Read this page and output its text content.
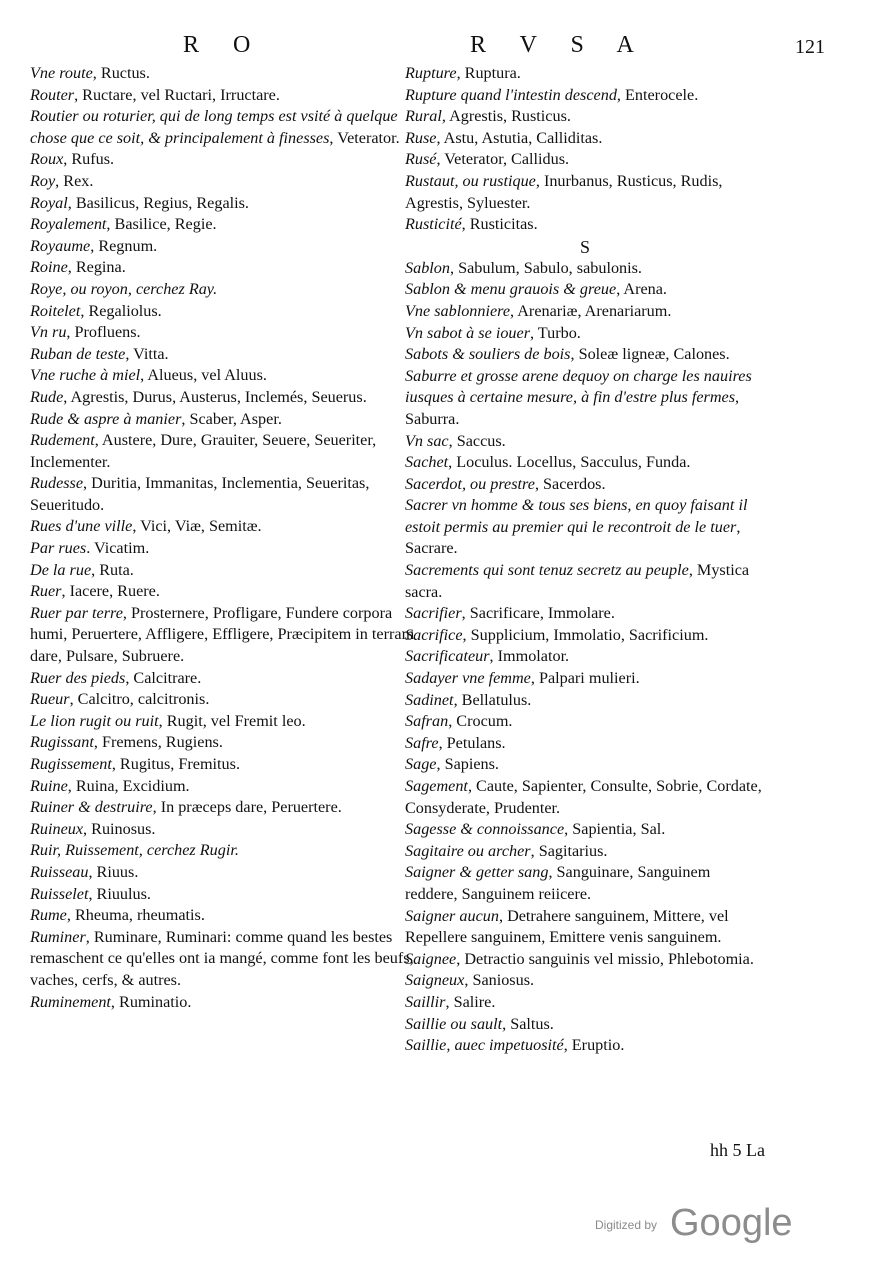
R O	R V S A	121

Vne route, Ructus.

Router, Ructare, vel Ructari, Irructare.

Routier ou roturier, qui de long temps est vsité à quelque chose que ce soit, & principalement à finesses, Veterator.

Roux, Rufus.

Roy, Rex.

Royal, Basilicus, Regius, Regalis.

Royalement, Basilice, Regie.

Royaume, Regnum.

Roine, Regina.

Roye, ou royon, cerchez Ray.

Roitelet, Regaliolus.

Vn ru, Profluens.

Ruban de teste, Vitta.

Vne ruche à miel, Alueus, vel Aluus.

Rude, Agrestis, Durus, Austerus, Inclemés, Seuerus.

Rude & aspre à manier, Scaber, Asper.

Rudement, Austere, Dure, Grauiter, Seuere, Seueriter, Inclementer.

Rudesse, Duritia, Immanitas, Inclementia, Seueritas, Seueritudo.

Rues d'une ville, Vici, Viæ, Semitæ.

Par rues. Vicatim.

De la rue, Ruta.

Ruer, Iacere, Ruere.

Ruer par terre, Prosternere, Profligare, Fundere corpora humi, Peruertere, Affligere, Effligere, Præcipitem in terram dare, Pulsare, Subruere.

Ruer des pieds, Calcitrare.

Rueur, Calcitro, calcitronis.

Le lion rugit ou ruit, Rugit, vel Fremit leo.

Rugissant, Fremens, Rugiens.

Rugissement, Rugitus, Fremitus.

Ruine, Ruina, Excidium.

Ruiner & destruire, In præceps dare, Peruertere.

Ruineux, Ruinosus.

Ruir, Ruissement, cerchez Rugir.

Ruisseau, Riuus.

Ruisselet, Riuulus.

Rume, Rheuma, rheumatis.

Ruminer, Ruminare, Ruminari: comme quand les bestes remaschent ce qu'elles ont ia mangé, comme font les beufs, vaches, cerfs, & autres.

Ruminement, Ruminatio.

Rupture, Ruptura.

Rupture quand l'intestin descend, Enterocele.

Rural, Agrestis, Rusticus.

Ruse, Astu, Astutia, Calliditas.

Rusé, Veterator, Callidus.

Rustaut, ou rustique, Inurbanus, Rusticus, Rudis, Agrestis, Syluester.

Rusticité, Rusticitas.

S

Sablon, Sabulum, Sabulo, sabulonis.

Sablon & menu grauois & greue, Arena.

Vne sablonniere, Arenariæ, Arenariarum.

Vn sabot à se iouer, Turbo.

Sabots & souliers de bois, Soleæ ligneæ, Calones.

Saburre et grosse arene dequoy on charge les nauires iusques à certaine mesure, à fin d'estre plus fermes, Saburra.

Vn sac, Saccus.

Sachet, Loculus. Locellus, Sacculus, Funda.

Sacerdot, ou prestre, Sacerdos.

Sacrer vn homme & tous ses biens, en quoy faisant il estoit permis au premier qui le recontroit de le tuer, Sacrare.

Sacrements qui sont tenuz secretz au peuple, Mystica sacra.

Sacrifier, Sacrificare, Immolare.

Sacrifice, Supplicium, Immolatio, Sacrificium.

Sacrificateur, Immolator.

Sadayer vne femme, Palpari mulieri.

Sadinet, Bellatulus.

Safran, Crocum.

Safre, Petulans.

Sage, Sapiens.

Sagement, Caute, Sapienter, Consulte, Sobrie, Cordate, Consyderate, Prudenter.

Sagesse & connoissance, Sapientia, Sal.

Sagitaire ou archer, Sagitarius.

Saigner & getter sang, Sanguinare, Sanguinem reddere, Sanguinem reiicere.

Saigner aucun, Detrahere sanguinem, Mittere, vel Repellere sanguinem, Emittere venis sanguinem.

Saignee, Detractio sanguinis vel missio, Phlebotomia.

Saigneux, Saniosus.

Saillir, Salire.

Saillie ou sault, Saltus.

Saillie, auec impetuosité, Eruptio.

hh 5 La
Digitized by Google
